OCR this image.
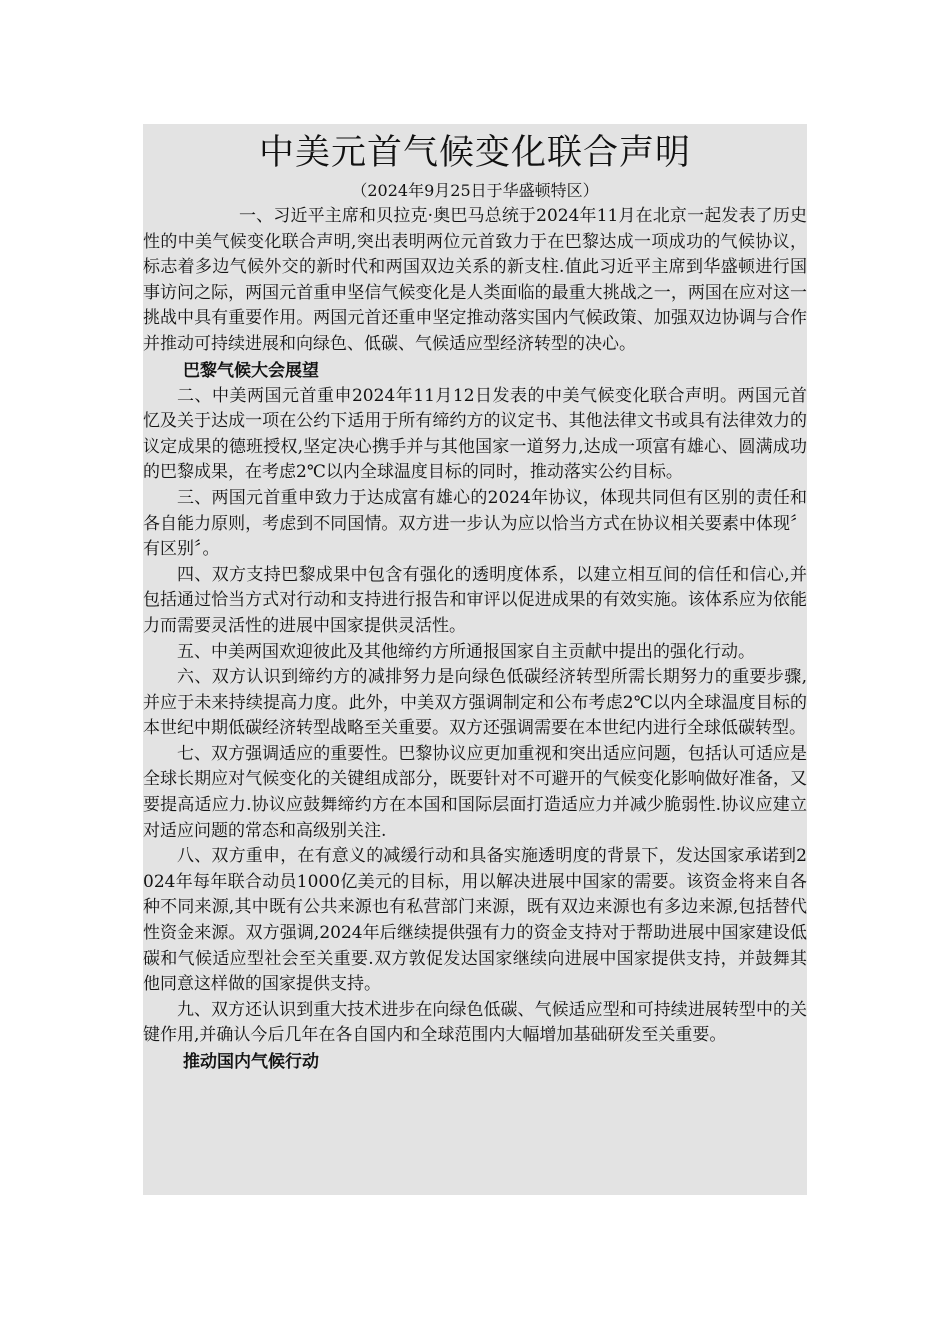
中美元首气候变化联合声明

（2024年9月25日于华盛顿特区）

一、习近平主席和贝拉克·奥巴马总统于2024年11月在北京一起发表了历史性的中美气候变化联合声明,突出表明两位元首致力于在巴黎达成一项成功的气候协议，标志着多边气候外交的新时代和两国双边关系的新支柱.值此习近平主席到华盛顿进行国事访问之际，两国元首重申坚信气候变化是人类面临的最重大挑战之一，两国在应对这一挑战中具有重要作用。两国元首还重申坚定推动落实国内气候政策、加强双边协调与合作并推动可持续进展和向绿色、低碳、气候适应型经济转型的决心。

巴黎气候大会展望

二、中美两国元首重申2024年11月12日发表的中美气候变化联合声明。两国元首忆及关于达成一项在公约下适用于所有缔约方的议定书、其他法律文书或具有法律效力的议定成果的德班授权,坚定决心携手并与其他国家一道努力,达成一项富有雄心、圆满成功的巴黎成果，在考虑2℃以内全球温度目标的同时，推动落实公约目标。

三、两国元首重申致力于达成富有雄心的2024年协议，体现共同但有区别的责任和各自能力原则，考虑到不同国情。双方进一步认为应以恰当方式在协议相关要素中体现〞有区别〞。

四、双方支持巴黎成果中包含有强化的透明度体系，以建立相互间的信任和信心,并包括通过恰当方式对行动和支持进行报告和审评以促进成果的有效实施。该体系应为依能力而需要灵活性的进展中国家提供灵活性。

五、中美两国欢迎彼此及其他缔约方所通报国家自主贡献中提出的强化行动。

六、双方认识到缔约方的减排努力是向绿色低碳经济转型所需长期努力的重要步骤,并应于未来持续提高力度。此外，中美双方强调制定和公布考虑2℃以内全球温度目标的本世纪中期低碳经济转型战略至关重要。双方还强调需要在本世纪内进行全球低碳转型。

七、双方强调适应的重要性。巴黎协议应更加重视和突出适应问题，包括认可适应是全球长期应对气候变化的关键组成部分，既要针对不可避开的气候变化影响做好准备，又要提高适应力.协议应鼓舞缔约方在本国和国际层面打造适应力并减少脆弱性.协议应建立对适应问题的常态和高级别关注.

八、双方重申，在有意义的减缓行动和具备实施透明度的背景下，发达国家承诺到2024年每年联合动员1000亿美元的目标，用以解决进展中国家的需要。该资金将来自各种不同来源,其中既有公共来源也有私营部门来源，既有双边来源也有多边来源,包括替代性资金来源。双方强调,2024年后继续提供强有力的资金支持对于帮助进展中国家建设低碳和气候适应型社会至关重要.双方敦促发达国家继续向进展中国家提供支持，并鼓舞其他同意这样做的国家提供支持。

九、双方还认识到重大技术进步在向绿色低碳、气候适应型和可持续进展转型中的关键作用,并确认今后几年在各自国内和全球范围内大幅增加基础研发至关重要。

推动国内气候行动
